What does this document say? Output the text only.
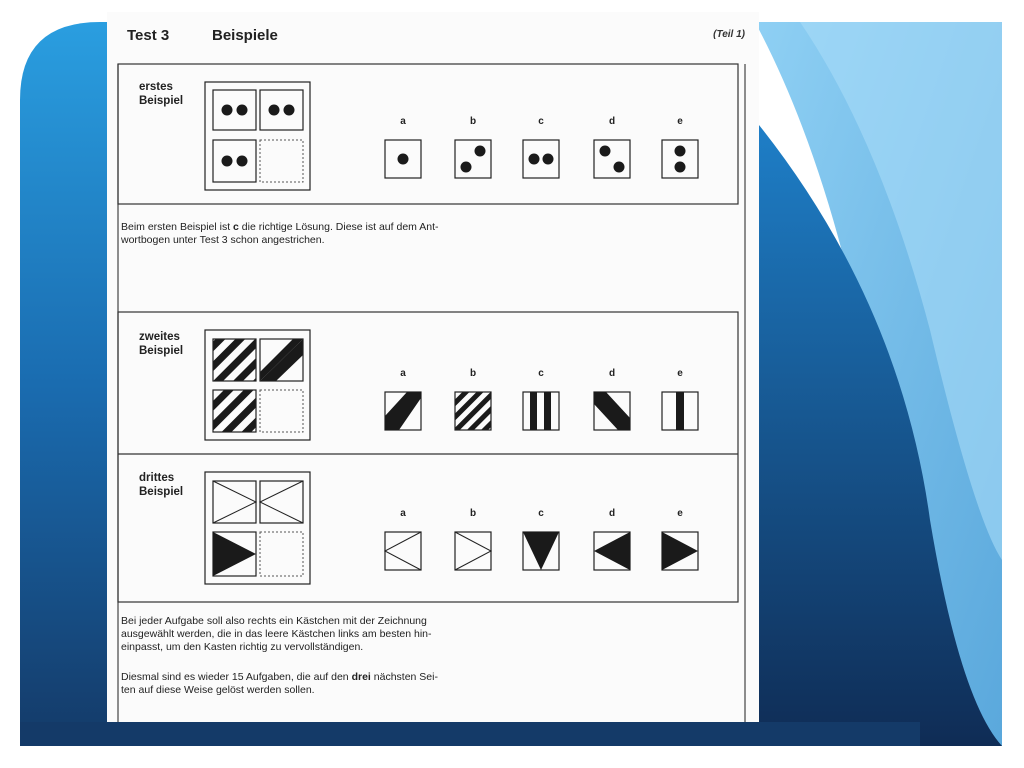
Test 3	Beispiele	(Teil 1)
erstes
Beispiel
zweites
Beispiel
drittes
Beispiel
a	b	c	d	e
a	b	c	d	e
a	b	c	d	e

Beim ersten Beispiel ist c die richtige Lösung. Diese ist auf dem Ant-
wortbogen unter Test 3 schon angestrichen.

Bei jeder Aufgabe soll also rechts ein Kästchen mit der Zeichnung
ausgewählt werden, die in das leere Kästchen links am besten hin-
einpasst, um den Kasten richtig zu vervollständigen.

Diesmal sind es wieder 15 Aufgaben, die auf den drei nächsten Sei-
ten auf diese Weise gelöst werden sollen.
